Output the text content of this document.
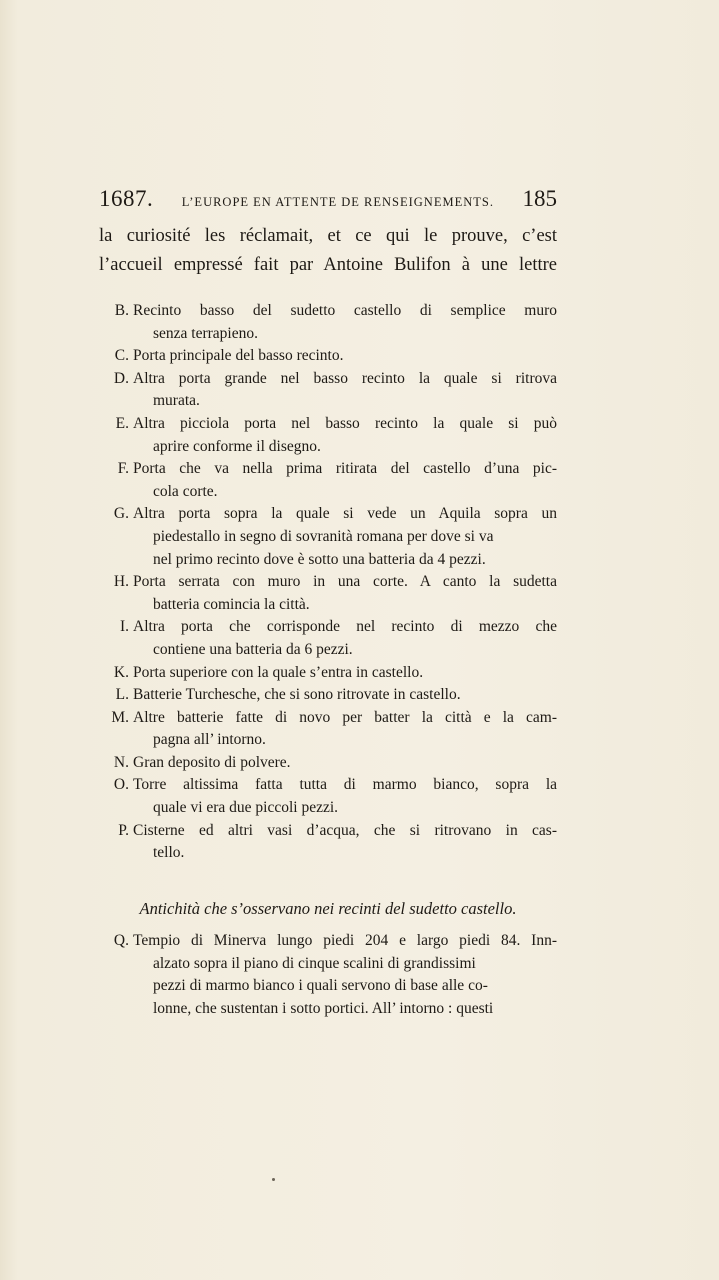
1687. L’EUROPE EN ATTENTE DE RENSEIGNEMENTS. 185
la curiosité les réclamait, et ce qui le prouve, c’est
l’accueil empressé fait par Antoine Bulifon à une lettre
B. Recinto basso del sudetto castello di semplice muro
senza terrapieno.
C. Porta principale del basso recinto.
D. Altra porta grande nel basso recinto la quale si ritrova
murata.
E. Altra picciola porta nel basso recinto la quale si può
aprire conforme il disegno.
F. Porta che va nella prima ritirata del castello d’una pic-
cola corte.
G. Altra porta sopra la quale si vede un Aquila sopra un
piedestallo in segno di sovranità romana per dove si va
nel primo recinto dove è sotto una batteria da 4 pezzi.
H. Porta serrata con muro in una corte. A canto la sudetta
batteria comincia la città.
I. Altra porta che corrisponde nel recinto di mezzo che
contiene una batteria da 6 pezzi.
K. Porta superiore con la quale s’entra in castello.
L. Batterie Turchesche, che si sono ritrovate in castello.
M. Altre batterie fatte di novo per batter la città e la cam-
pagna all’ intorno.
N. Gran deposito di polvere.
O. Torre altissima fatta tutta di marmo bianco, sopra la
quale vi era due piccoli pezzi.
P. Cisterne ed altri vasi d’acqua, che si ritrovano in cas-
tello.
Antichità che s’osservano nei recinti del sudetto castello.
Q. Tempio di Minerva lungo piedi 204 e largo piedi 84. Inn-
alzato sopra il piano di cinque scalini di grandissimi
pezzi di marmo bianco i quali servono di base alle co-
lonne, che sustentan i sotto portici. All’ intorno : questi
